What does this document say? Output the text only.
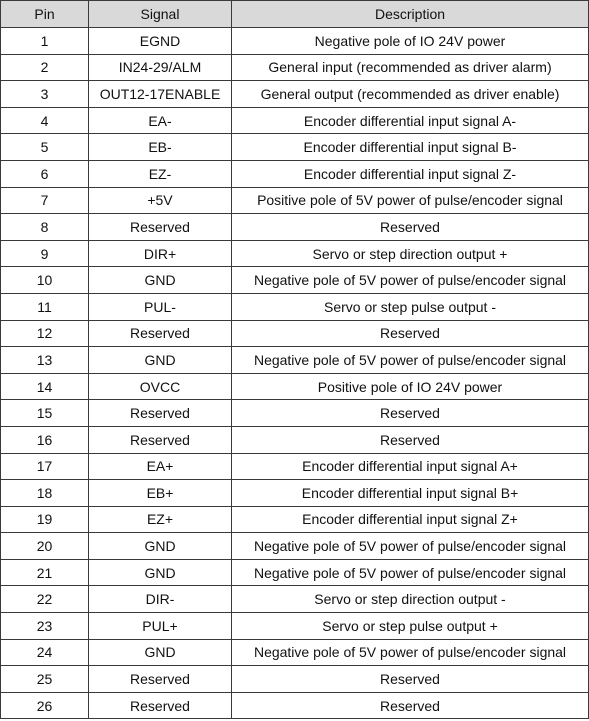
Pin	Signal	Description
1	EGND	Negative pole of IO 24V power
2	IN24-29/ALM	General input (recommended as driver alarm)
3	OUT12-17ENABLE	General output (recommended as driver enable)
4	EA-	Encoder differential input signal A-
5	EB-	Encoder differential input signal B-
6	EZ-	Encoder differential input signal Z-
7	+5V	Positive pole of 5V power of pulse/encoder signal
8	Reserved	Reserved
9	DIR+	Servo or step direction output +
10	GND	Negative pole of 5V power of pulse/encoder signal
11	PUL-	Servo or step pulse output -
12	Reserved	Reserved
13	GND	Negative pole of 5V power of pulse/encoder signal
14	OVCC	Positive pole of IO 24V power
15	Reserved	Reserved
16	Reserved	Reserved
17	EA+	Encoder differential input signal A+
18	EB+	Encoder differential input signal B+
19	EZ+	Encoder differential input signal Z+
20	GND	Negative pole of 5V power of pulse/encoder signal
21	GND	Negative pole of 5V power of pulse/encoder signal
22	DIR-	Servo or step direction output -
23	PUL+	Servo or step pulse output +
24	GND	Negative pole of 5V power of pulse/encoder signal
25	Reserved	Reserved
26	Reserved	Reserved
